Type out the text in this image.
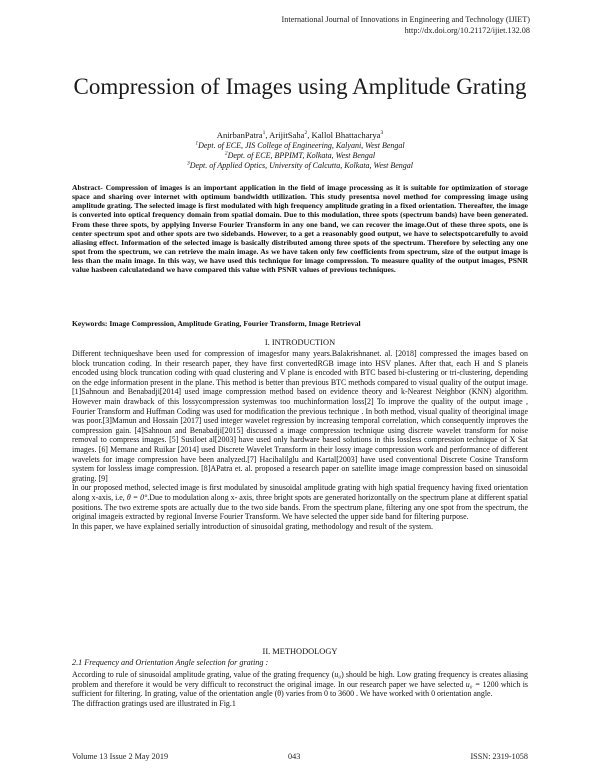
International Journal of Innovations in Engineering and Technology (IJIET)
http://dx.doi.org/10.21172/ijiet.132.08
Compression of Images using Amplitude Grating
AnirbanPatra$^1$, ArijitSaha$^2$, Kallol Bhattacharya$^3$
$^1$Dept. of ECE, JIS College of Engineering, Kalyani, West Bengal
$^2$Dept. of ECE, BPPIMT, Kolkata, West Bengal
$^3$Dept. of Applied Optics, University of Calcutta, Kolkata, West Bengal
Abstract- Compression of images is an important application in the field of image processing as it is suitable for optimization of storage space and sharing over internet with optimum bandwidth utilization. This study presentsa novel method for compressing image using amplitude grating. The selected image is first modulated with high frequency amplitude grating in a fixed orientation. Thereafter, the image is converted into optical frequency domain from spatial domain. Due to this modulation, three spots (spectrum bands) have been generated. From these three spots, by applying Inverse Fourier Transform in any one band, we can recover the image.Out of these three spots, one is center spectrum spot and other spots are two sidebands. However, to a get a reasonably good output, we have to selectspotcarefully to avoid aliasing effect. Information of the selected image is basically distributed among three spots of the spectrum. Therefore by selecting any one spot from the spectrum, we can retrieve the main image. As we have taken only few coefficients from spectrum, size of the output image is less than the main image. In this way, we have used this technique for image compression. To measure quality of the output images, PSNR value hasbeen calculatedand we have compared this value with PSNR values of previous techniques.
Keywords: Image Compression, Amplitude Grating, Fourier Transform, Image Retrieval
I. INTRODUCTION

Different techniqueshave been used for compression of imagesfor many years.Balakrishnanet. al. [2018] compressed the images based on block truncation coding. In their research paper, they have first convertedRGB image into HSV planes. After that, each H and S planeis encoded using block truncation coding with quad clustering and V plane is encoded with BTC based bi-clustering or tri-clustering, depending on the edge information present in the plane. This method is better than previous BTC methods compared to visual quality of the output image.[1]Sahnoun and Benabadji[2014] used image compression method based on evidence theory and k-Nearest Neighbor (KNN) algorithm. However main drawback of this lossycompression systemwas too muchinformation loss[2] To improve the quality of the output image , Fourier Transform and Huffman Coding was used for modification the previous technique . In both method, visual quality of theoriginal image was poor.[3]Mamun and Hossain [2017] used integer wavelet regression by increasing temporal correlation, which consequently improves the compression gain. [4]Sahnoun and Benabadji[2015] discussed a image compression technique using discrete wavelet transform for noise removal to compress images. [5] Susiloet al[2003] have used only hardware based solutions in this lossless compression technique of X Sat images. [6] Memane and Ruikar [2014] used Discrete Wavelet Transform in their lossy image compression work and performance of different wavelets for image compression have been analyzed.[7] Hacihalilglu and Kartal[2003] have used conventional Discrete Cosine Transform system for lossless image compression. [8]APatra et. al. proposed a research paper on satellite image image compression based on sinusoidal grating. [9]

In our proposed method, selected image is first modulated by sinusoidal amplitude grating with high spatial frequency having fixed orientation along x-axis, i.e, θ = 0°.Due to modulation along x- axis, three bright spots are generated horizontally on the spectrum plane at different spatial positions. The two extreme spots are actually due to the two side bands. From the spectrum plane, filtering any one spot from the spectrum, the original imageis extracted by regional Inverse Fourier Transform. We have selected the upper side band for filtering purpose.

In this paper, we have explained serially introduction of sinusoidal grating, methodology and result of the system.

II. METHODOLOGY
2.1 Frequency and Orientation Angle selection for grating :

According to rule of sinusoidal amplitude grating, value of the grating frequency (u₀) should be high. Low grating frequency is creates aliasing problem and therefore it would be very difficult to reconstruct the original image. In our research paper we have selected u₀ = 1200 which is sufficient for filtering. In grating, value of the orientation angle (θ) varies from 0 to 3600 . We have worked with 0 orientation angle.

The diffraction gratings used are illustrated in Fig.1

Volume 13 Issue 2 May 2019	043	ISSN: 2319-1058
